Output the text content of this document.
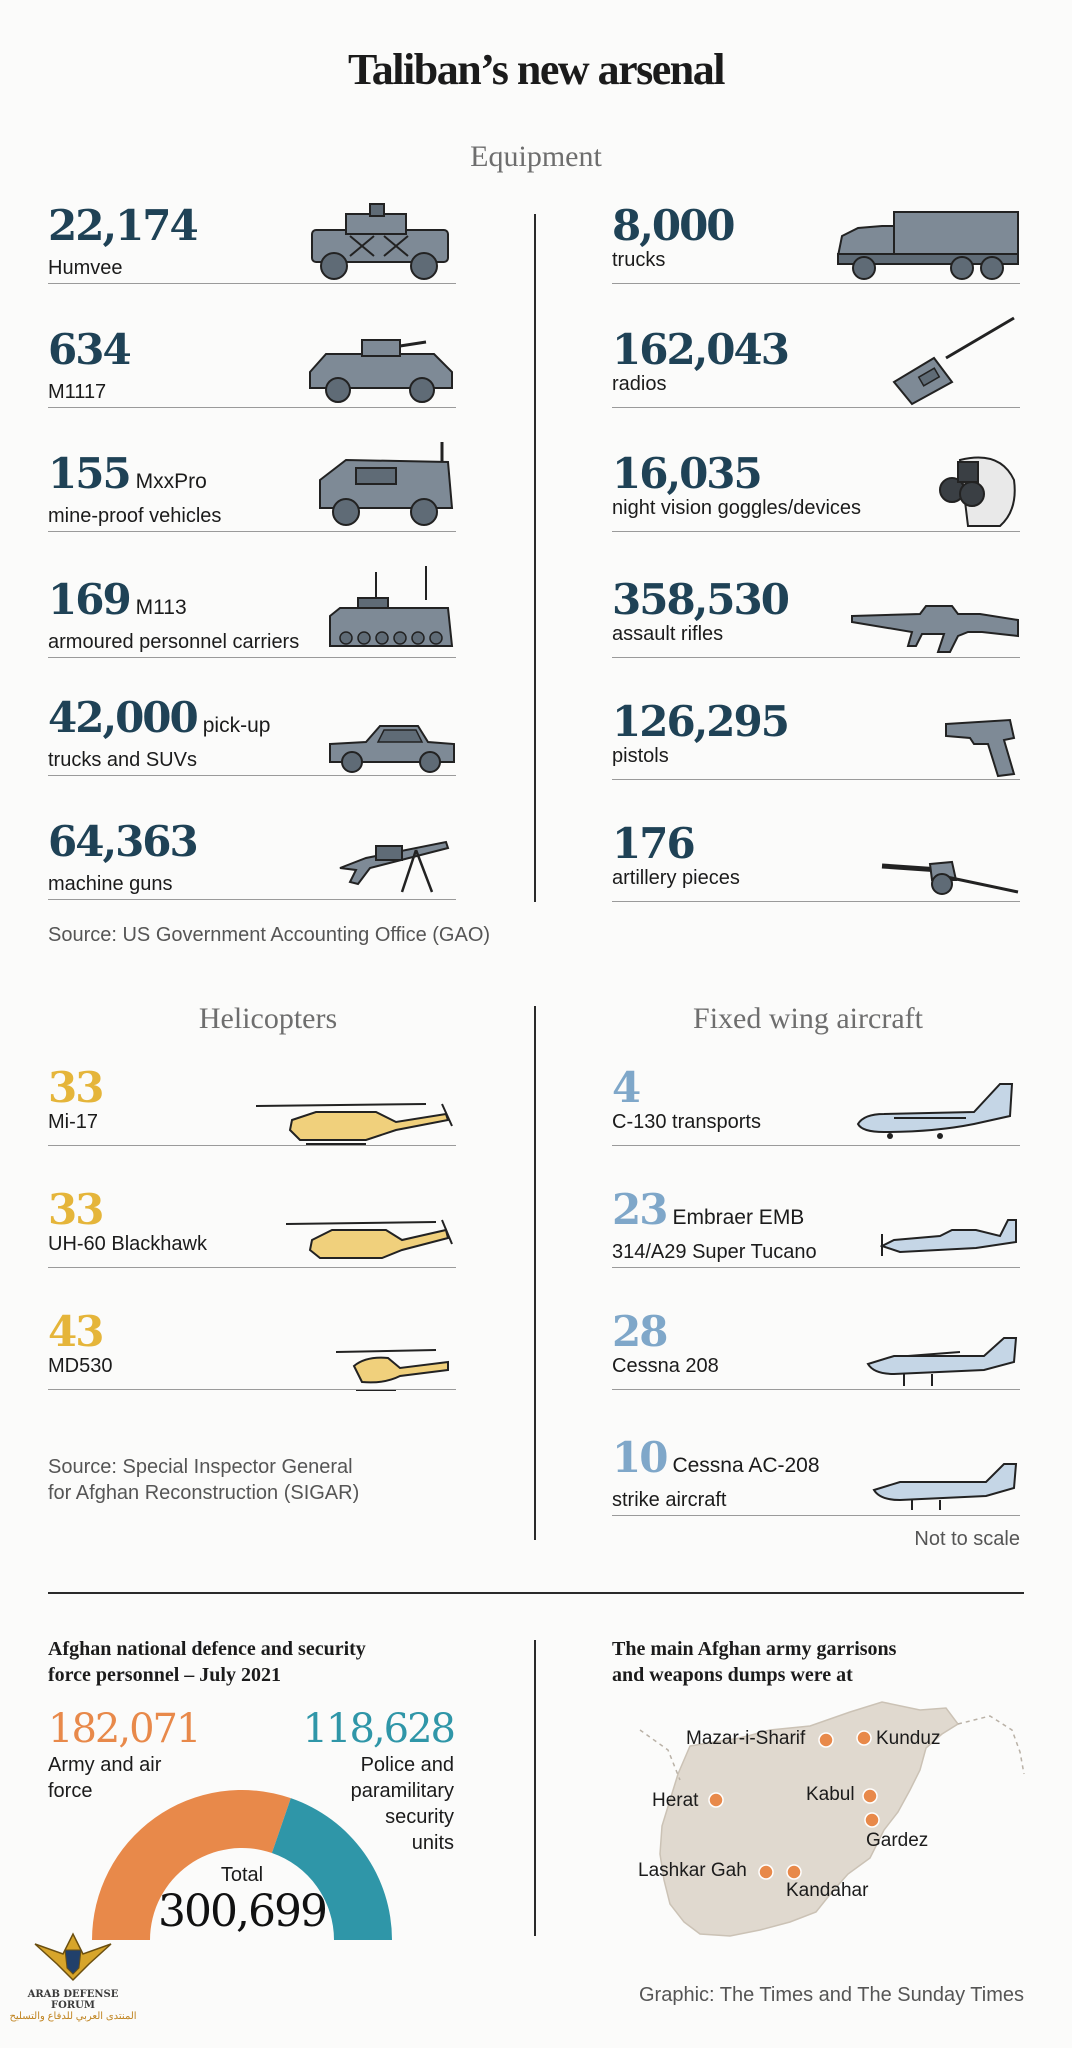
Taliban’s new arsenal
Equipment
22,174
Humvee
634
M1117
155 MxxPro
mine-proof vehicles
169 M113
armoured personnel carriers
42,000 pick-up
trucks and SUVs
64,363
machine guns
8,000
trucks
162,043
radios
16,035
night vision goggles/devices
358,530
assault rifles
126,295
pistols
176
artillery pieces
Source: US Government Accounting Office (GAO)
Helicopters	Fixed wing aircraft
33
Mi-17
33
UH-60 Blackhawk
43
MD530
Source: Special Inspector General
for Afghan Reconstruction (SIGAR)
4
C-130 transports
23 Embraer EMB
314/A29 Super Tucano
28
Cessna 208
10 Cessna AC-208
strike aircraft
Not to scale
Afghan national defence and security
force personnel – July 2021
182,071
Army and air
force
118,628
Police and
paramilitary
security
units
Total
300,699
The main Afghan army garrisons
and weapons dumps were at
Mazar-i-Sharif	Kunduz
Herat	Kabul
Gardez
Lashkar Gah
Kandahar
Graphic: The Times and The Sunday Times
ARAB DEFENSE FORUM
المنتدى العربي للدفاع والتسليح
